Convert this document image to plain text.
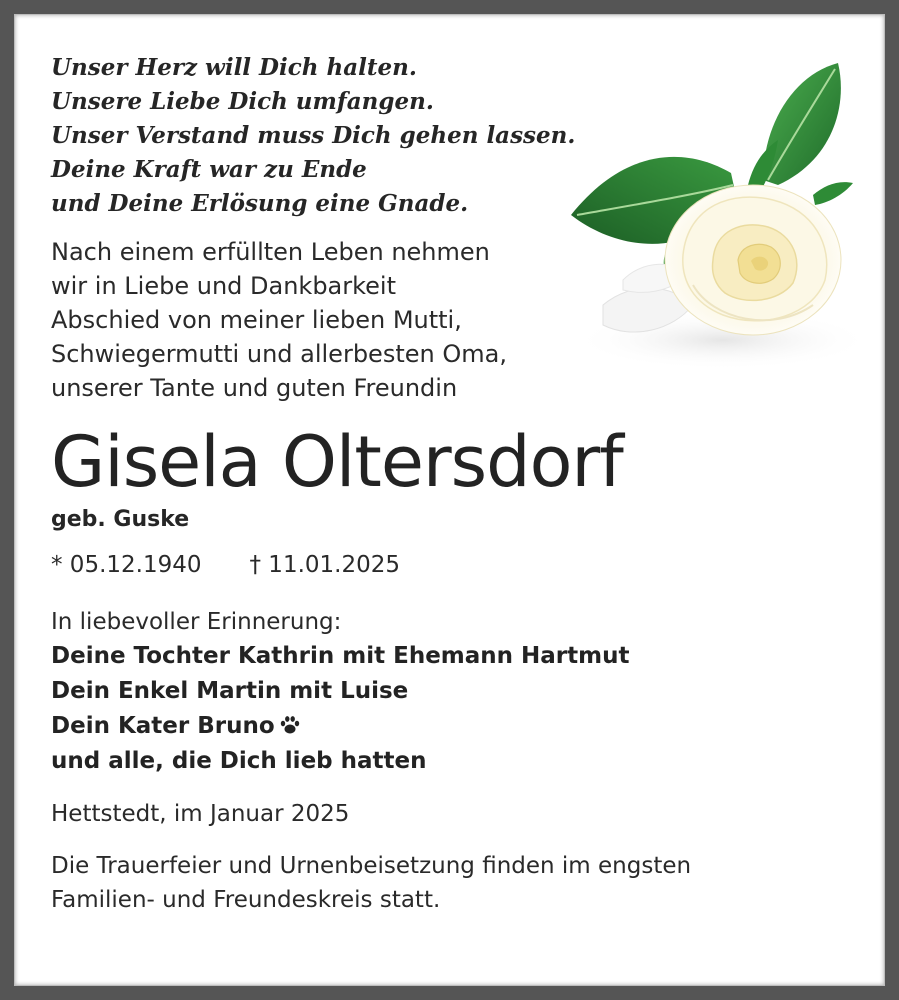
Unser Herz will Dich halten.
Unsere Liebe Dich umfangen.
Unser Verstand muss Dich gehen lassen.
Deine Kraft war zu Ende
und Deine Erlösung eine Gnade.
Nach einem erfüllten Leben nehmen
wir in Liebe und Dankbarkeit
Abschied von meiner lieben Mutti,
Schwiegermutti und allerbesten Oma,
unserer Tante und guten Freundin
Gisela Oltersdorf
geb. Guske
* 05.12.1940 † 11.01.2025
In liebevoller Erinnerung:
Deine Tochter Kathrin mit Ehemann Hartmut
Dein Enkel Martin mit Luise
Dein Kater Bruno
und alle, die Dich lieb hatten
Hettstedt, im Januar 2025
Die Trauerfeier und Urnenbeisetzung finden im engsten
Familien- und Freundeskreis statt.
